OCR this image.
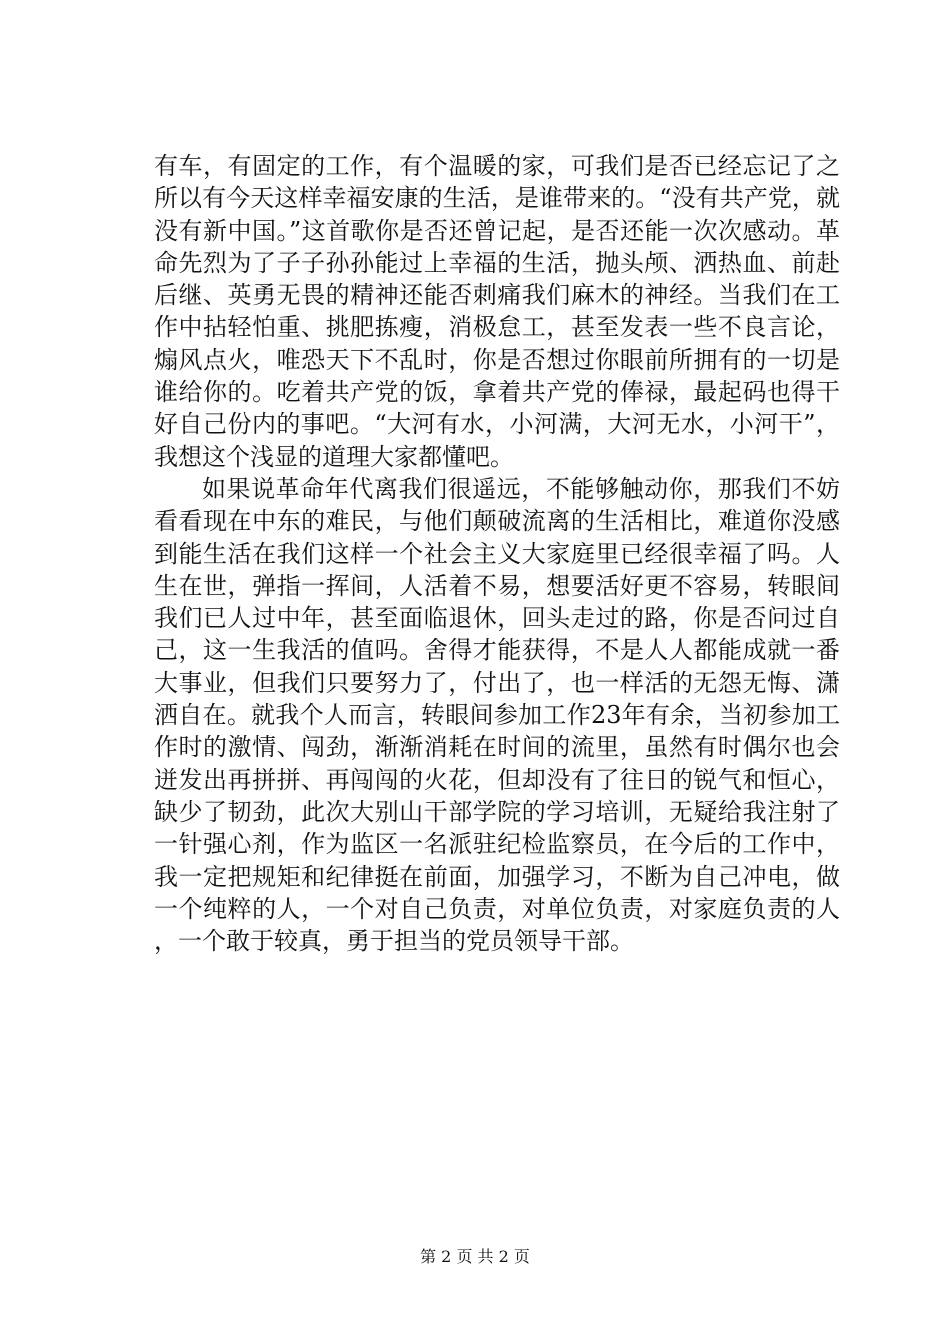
有车，有固定的工作，有个温暖的家，可我们是否已经忘记了之所以有今天这样幸福安康的生活，是谁带来的。“没有共产党，就没有新中国。”这首歌你是否还曾记起，是否还能一次次感动。革命先烈为了子子孙孙能过上幸福的生活，抛头颅、洒热血、前赴后继、英勇无畏的精神还能否刺痛我们麻木的神经。当我们在工作中拈轻怕重、挑肥拣瘦，消极怠工，甚至发表一些不良言论，煽风点火，唯恐天下不乱时，你是否想过你眼前所拥有的一切是谁给你的。吃着共产党的饭，拿着共产党的俸禄，最起码也得干好自己份内的事吧。“大河有水，小河满，大河无水，小河干”，我想这个浅显的道理大家都懂吧。

如果说革命年代离我们很遥远，不能够触动你，那我们不妨看看现在中东的难民，与他们颠破流离的生活相比，难道你没感到能生活在我们这样一个社会主义大家庭里已经很幸福了吗。人生在世，弹指一挥间，人活着不易，想要活好更不容易，转眼间我们已人过中年，甚至面临退休，回头走过的路，你是否问过自己，这一生我活的值吗。舍得才能获得，不是人人都能成就一番大事业，但我们只要努力了，付出了，也一样活的无怨无悔、潇洒自在。就我个人而言，转眼间参加工作23年有余，当初参加工作时的激情、闯劲，渐渐消耗在时间的流里，虽然有时偶尔也会迸发出再拼拼、再闯闯的火花，但却没有了往日的锐气和恒心，缺少了韧劲，此次大别山干部学院的学习培训，无疑给我注射了一针强心剂，作为监区一名派驻纪检监察员，在今后的工作中，我一定把规矩和纪律挺在前面，加强学习，不断为自己冲电，做一个纯粹的人，一个对自己负责，对单位负责，对家庭负责的人，一个敢于较真，勇于担当的党员领导干部。

第 2 页 共 2 页
